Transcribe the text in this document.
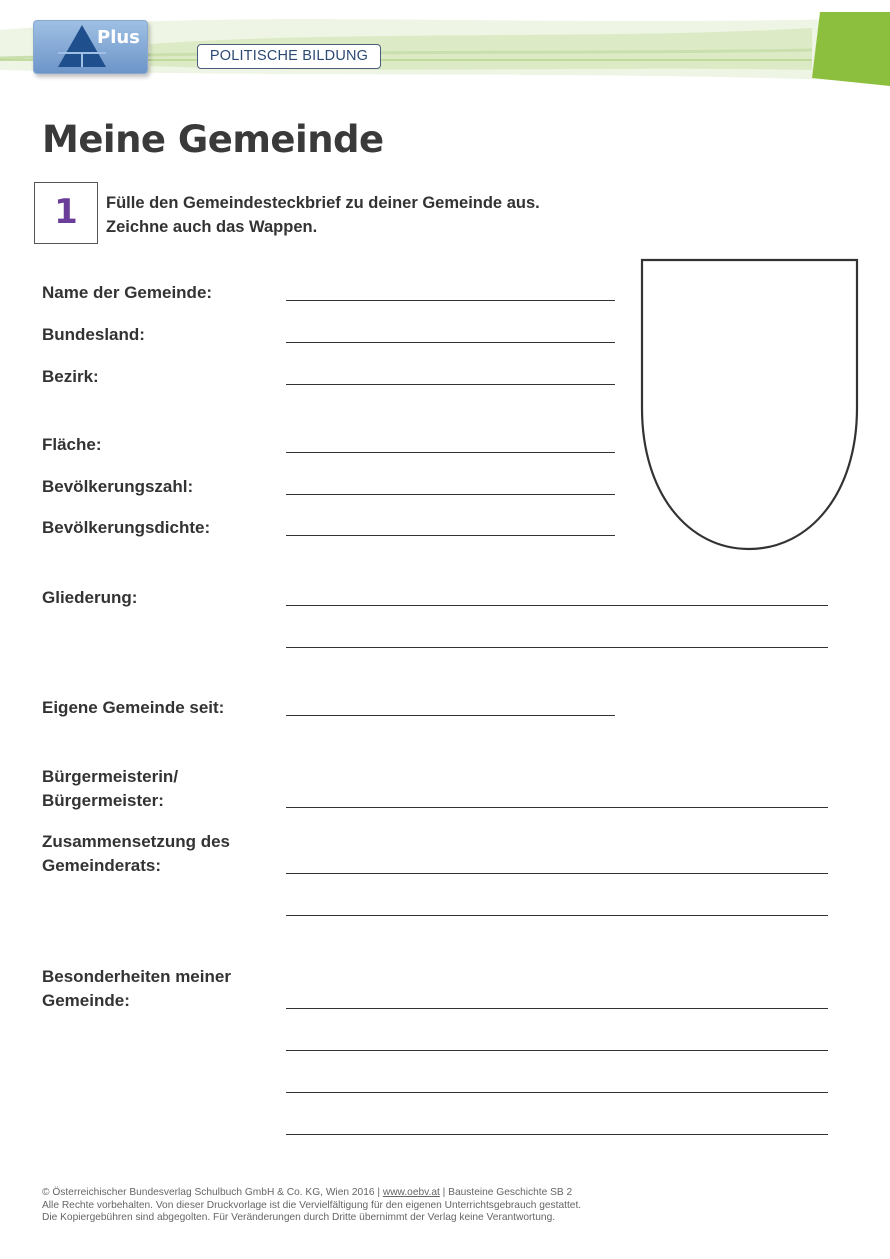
Plus
POLITISCHE BILDUNG
Meine Gemeinde
1	Fülle den Gemeindesteckbrief zu deiner Gemeinde aus.
Zeichne auch das Wappen.
Name der Gemeinde:
Bundesland:
Bezirk:
Fläche:
Bevölkerungszahl:
Bevölkerungsdichte:
Gliederung:
Eigene Gemeinde seit:
Bürgermeisterin/
Bürgermeister:
Zusammensetzung des
Gemeinderats:
Besonderheiten meiner
Gemeinde:
© Österreichischer Bundesverlag Schulbuch GmbH & Co. KG, Wien 2016 | www.oebv.at | Bausteine Geschichte SB 2
Alle Rechte vorbehalten. Von dieser Druckvorlage ist die Vervielfältigung für den eigenen Unterrichtsgebrauch gestattet.
Die Kopiergebühren sind abgegolten. Für Veränderungen durch Dritte übernimmt der Verlag keine Verantwortung.
